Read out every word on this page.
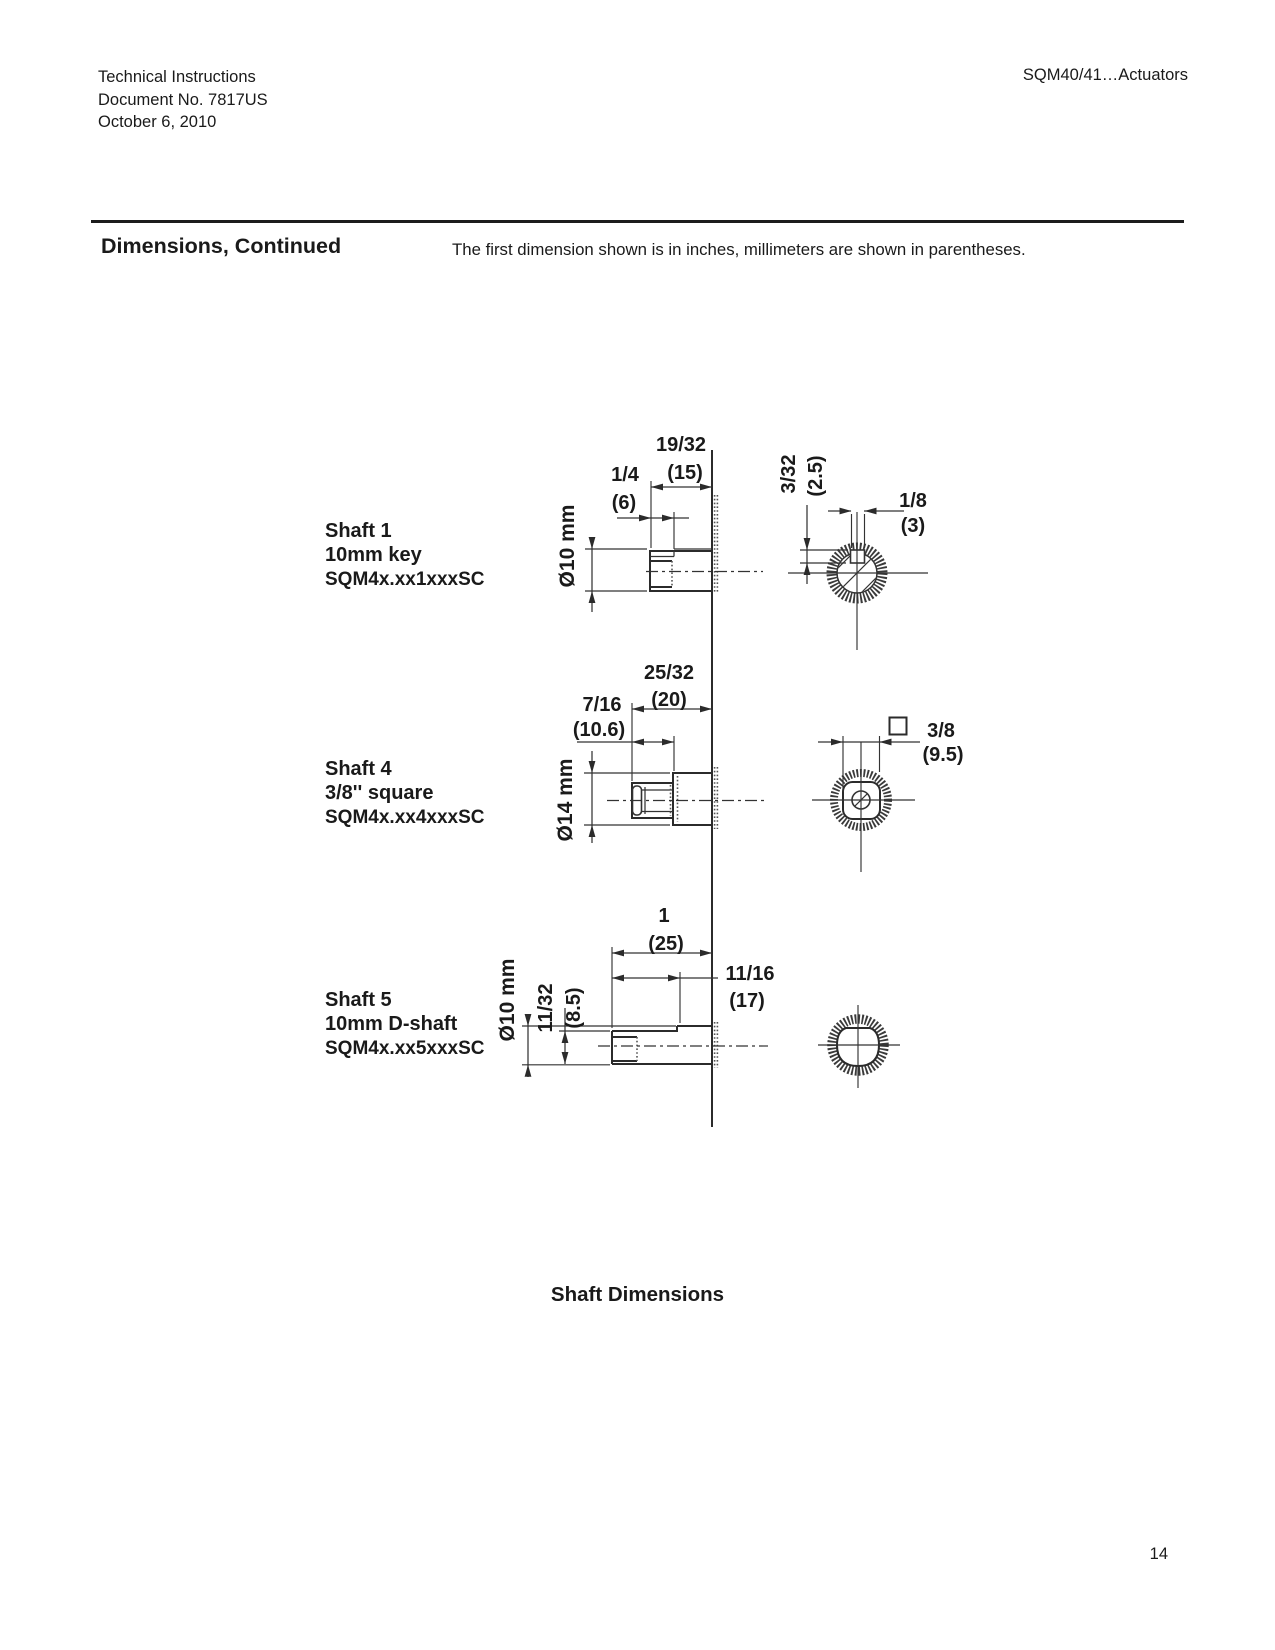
Technical Instructions
Document No. 7817US
October 6, 2010
SQM40/41…Actuators
Dimensions, Continued	The first dimension shown is in inches, millimeters are shown in parentheses.
Shaft 1
10mm key
SQM4x.xx1xxxSC
19/32
(15)
1/4
(6)
Ø10 mm
1/8
(3)
3/32 (2.5)
Shaft 4
3/8'' square
SQM4x.xx4xxxSC
25/32
(20)
7/16
(10.6)
Ø14 mm
3/8
(9.5)
Shaft 5
10mm D-shaft
SQM4x.xx5xxxSC
1
(25)
11/16
(17)
Ø10 mm 11/32 (8.5)
Shaft Dimensions
14
